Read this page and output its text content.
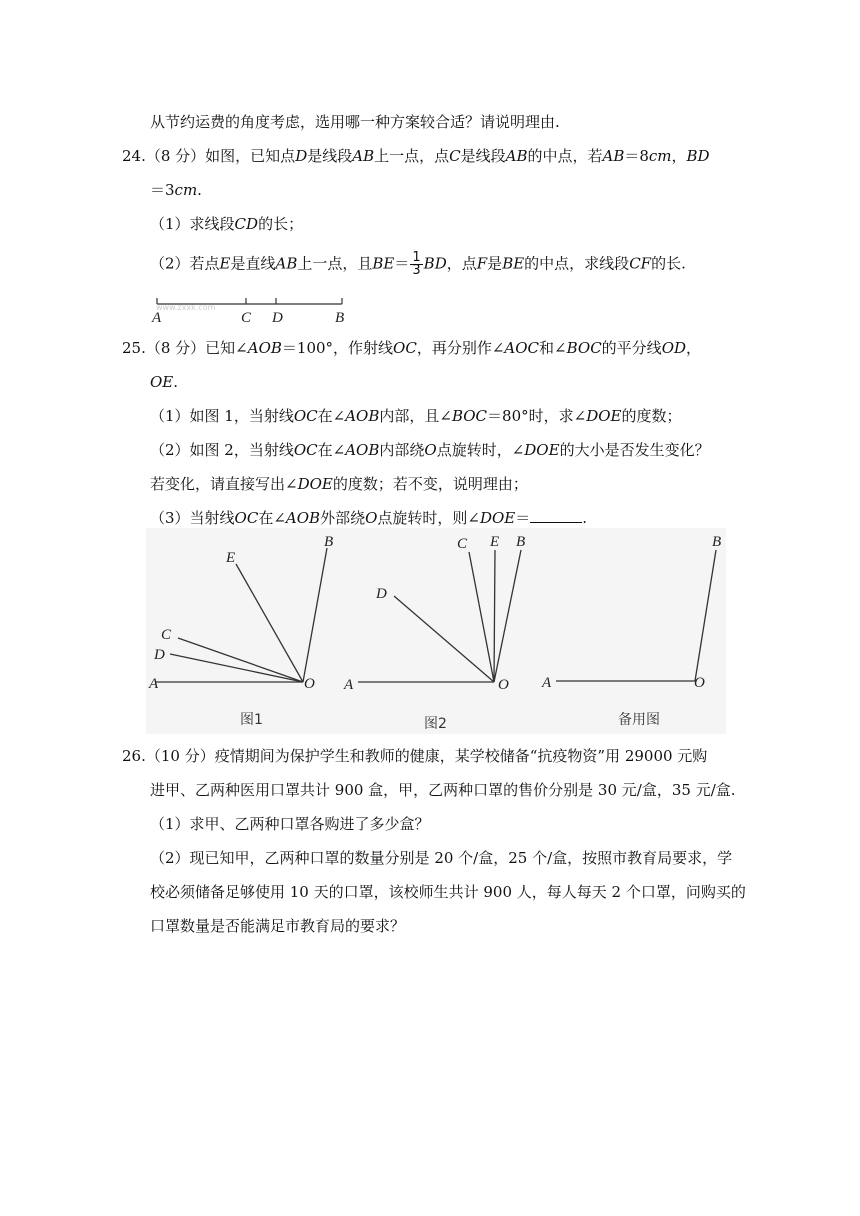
从节约运费的角度考虑，选用哪一种方案较合适？请说明理由.
24.（8 分）如图，已知点D是线段AB上一点，点C是线段AB的中点，若AB＝8cm，BD
＝3cm.
（1）求线段CD的长；
（2）若点E是直线AB上一点，且$BE= \frac{1}{3}$ BD，点F是BE的中点，求线段CF的长.
www.zxxk.com
A	C D	B
25.（8 分）已知∠AOB＝100°，作射线OC，再分别作∠AOC和∠BOC的平分线OD，
OE.
（1）如图 1，当射线OC在∠AOB内部，且∠BOC＝80°时，求∠DOE的度数；
（2）如图 2，当射线OC在∠AOB内部绕O点旋转时，∠DOE的大小是否发生变化？
若变化，请直接写出∠DOE的度数；若不变，说明理由；
（3）当射线OC在∠AOB外部绕O点旋转时，则∠DOE＝	.
E
B
C
D
A	O
图1
C E B
D
A	O
图2
B
A	O
备用图
26.（10 分）疫情期间为保护学生和教师的健康，某学校储备“抗疫物资”用 29000 元购
进甲、乙两种医用口罩共计 900 盒，甲，乙两种口罩的售价分别是 30 元/盒，35 元/盒.
（1）求甲、乙两种口罩各购进了多少盒？
（2）现已知甲，乙两种口罩的数量分别是 20 个/盒，25 个/盒，按照市教育局要求，学
校必须储备足够使用 10 天的口罩，该校师生共计 900 人，每人每天 2 个口罩，问购买的
口罩数量是否能满足市教育局的要求？
